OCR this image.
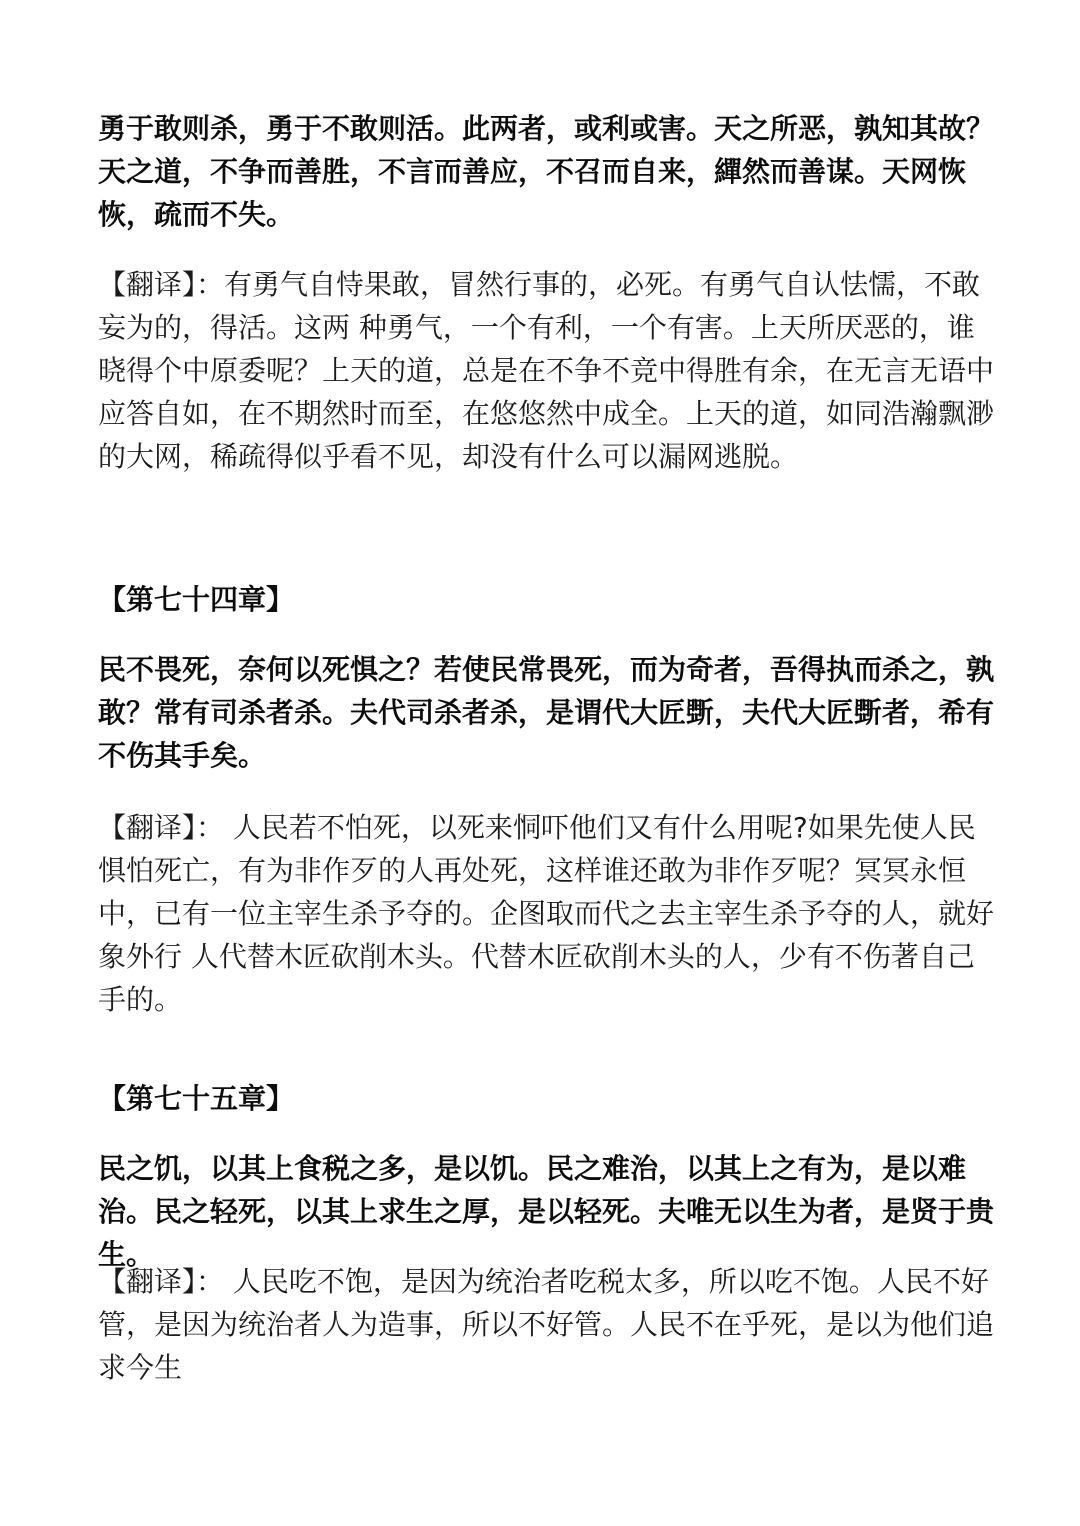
勇于敢则杀，勇于不敢则活。此两者，或利或害。天之所恶，孰知其故？ 天之道，不争而善胜，不言而善应，不召而自来，繟然而善谋。天网恢恢，疏而不失。

【翻译】：有勇气自恃果敢，冒然行事的，必死。有勇气自认怯懦，不敢妄为的，得活。这两 种勇气，一个有利，一个有害。上天所厌恶的，谁晓得个中原委呢？上天的道，总是在不争不竞中得胜有余，在无言无语中应答自如，在不期然时而至，在悠悠然中成全。上天的道，如同浩瀚飘渺的大网，稀疏得似乎看不见，却没有什么可以漏网逃脱。

【第七十四章】

民不畏死，奈何以死惧之？若使民常畏死，而为奇者，吾得执而杀之，孰敢？常有司杀者杀。夫代司杀者杀，是谓代大匠斲，夫代大匠斲者，希有不伤其手矣。

【翻译】： 人民若不怕死，以死来恫吓他们又有什么用呢?如果先使人民惧怕死亡，有为非作歹的人再处死，这样谁还敢为非作歹呢？冥冥永恒中，已有一位主宰生杀予夺的。企图取而代之去主宰生杀予夺的人，就好象外行 人代替木匠砍削木头。代替木匠砍削木头的人，少有不伤著自己手的。

【第七十五章】

民之饥，以其上食税之多，是以饥。民之难治，以其上之有为，是以难治。民之轻死，以其上求生之厚，是以轻死。夫唯无以生为者，是贤于贵生。

【翻译】： 人民吃不饱，是因为统治者吃税太多，所以吃不饱。人民不好管，是因为统治者人为造事，所以不好管。人民不在乎死，是以为他们追求今生
